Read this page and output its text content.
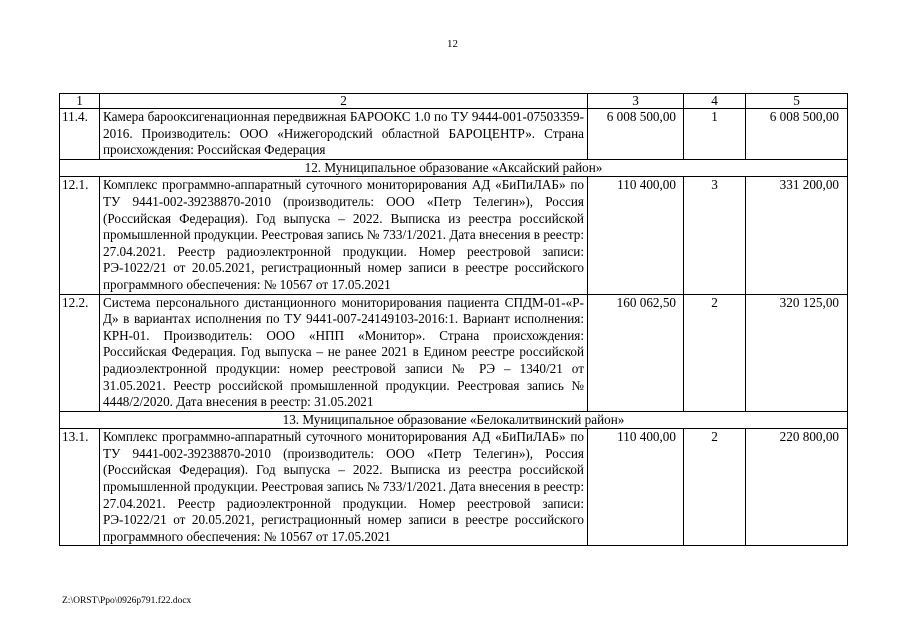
12
1	2	3	4	5
11.4.	Камера бароoксигенационная передвижная БАРООКС 1.0 по ТУ 9444-001-07503359-2016. Производитель: ООО «Нижегородский областной БАРОЦЕНТР». Страна происхождения: Российская Федерация	6 008 500,00	1	6 008 500,00
12. Муниципальное образование «Аксайский район»				
12.1.	Комплекс программно-аппаратный суточного мониторирования АД «БиПиЛАБ» по ТУ 9441-002-39238870-2010 (производитель: ООО «Петр Телегин»), Россия (Российская Федерация). Год выпуска – 2022. Выписка из реестра российской промышленной продукции. Реестровая запись № 733/1/2021. Дата внесения в реестр: 27.04.2021. Реестр радиоэлектронной продукции. Номер реестровой записи: РЭ-1022/21 от 20.05.2021, регистрационный номер записи в реестре российского программного обеспечения: № 10567 от 17.05.2021	110 400,00	3	331 200,00
12.2.	Система персонального дистанционного мониторирования пациента СПДМ-01-«Р-Д» в вариантах исполнения по ТУ 9441-007-24149103-2016:1. Вариант исполнения: КРН-01. Производитель: ООО «НПП «Монитор». Страна происхождения: Российская Федерация. Год выпуска – не ранее 2021 в Едином реестре российской радиоэлектронной продукции: номер реестровой записи № РЭ – 1340/21 от 31.05.2021. Реестр российской промышленной продукции. Реестровая запись № 4448/2/2020. Дата внесения в реестр: 31.05.2021	160 062,50	2	320 125,00
13. Муниципальное образование «Белокалитвинский район»				
13.1.	Комплекс программно-аппаратный суточного мониторирования АД «БиПиЛАБ» по ТУ 9441-002-39238870-2010 (производитель: ООО «Петр Телегин»), Россия (Российская Федерация). Год выпуска – 2022. Выписка из реестра российской промышленной продукции. Реестровая запись № 733/1/2021. Дата внесения в реестр: 27.04.2021. Реестр радиоэлектронной продукции. Номер реестровой записи: РЭ-1022/21 от 20.05.2021, регистрационный номер записи в реестре российского программного обеспечения: № 10567 от 17.05.2021	110 400,00	2	220 800,00
Z:\ORST\Ppo\0926p791.f22.docx
